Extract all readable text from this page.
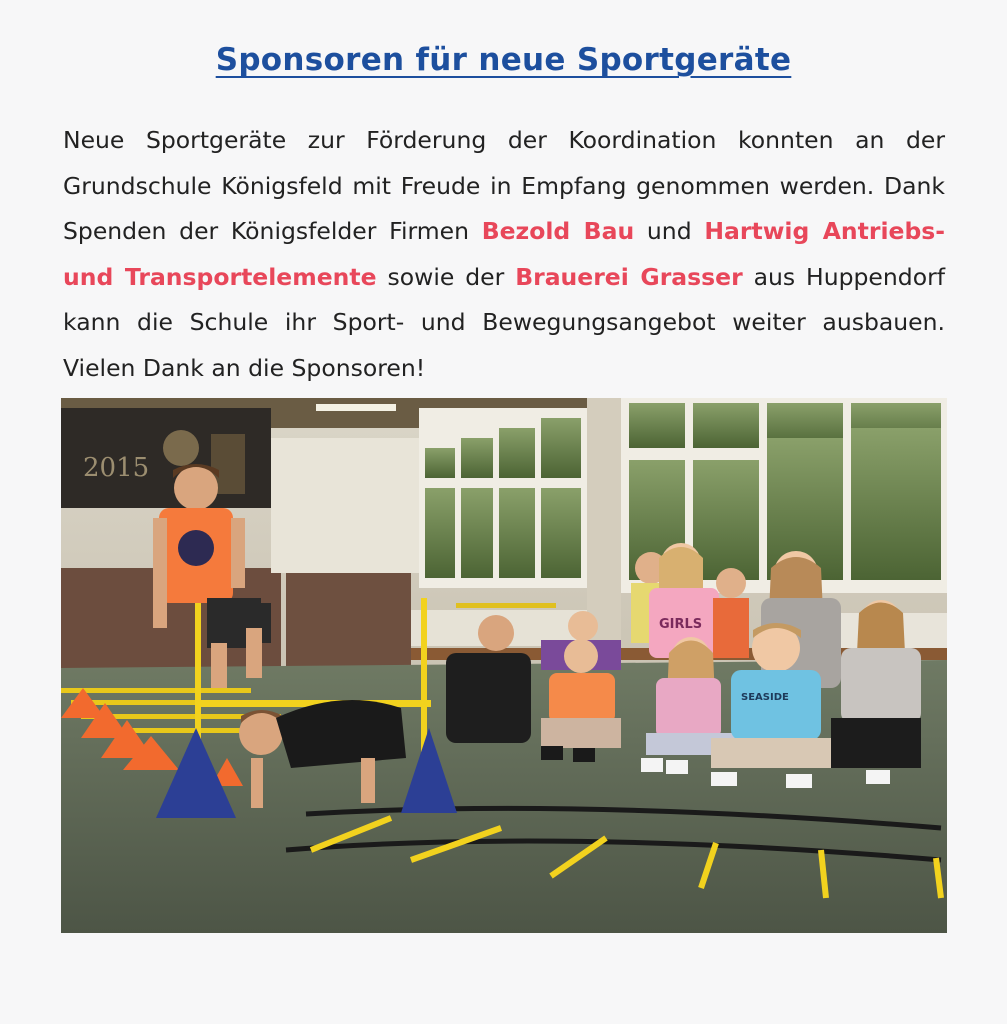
Sponsoren für neue Sportgeräte
Neue Sportgeräte zur Förderung der Koordination konnten an der Grundschule Königsfeld mit Freude in Empfang genommen werden. Dank Spenden der Königsfelder Firmen Bezold Bau und Hartwig Antriebs- und Transportelemente sowie der Brauerei Grasser aus Huppendorf kann die Schule ihr Sport- und Bewegungsangebot weiter ausbauen. Vielen Dank an die Sponsoren!
2015
GIRLS
SEASIDE
